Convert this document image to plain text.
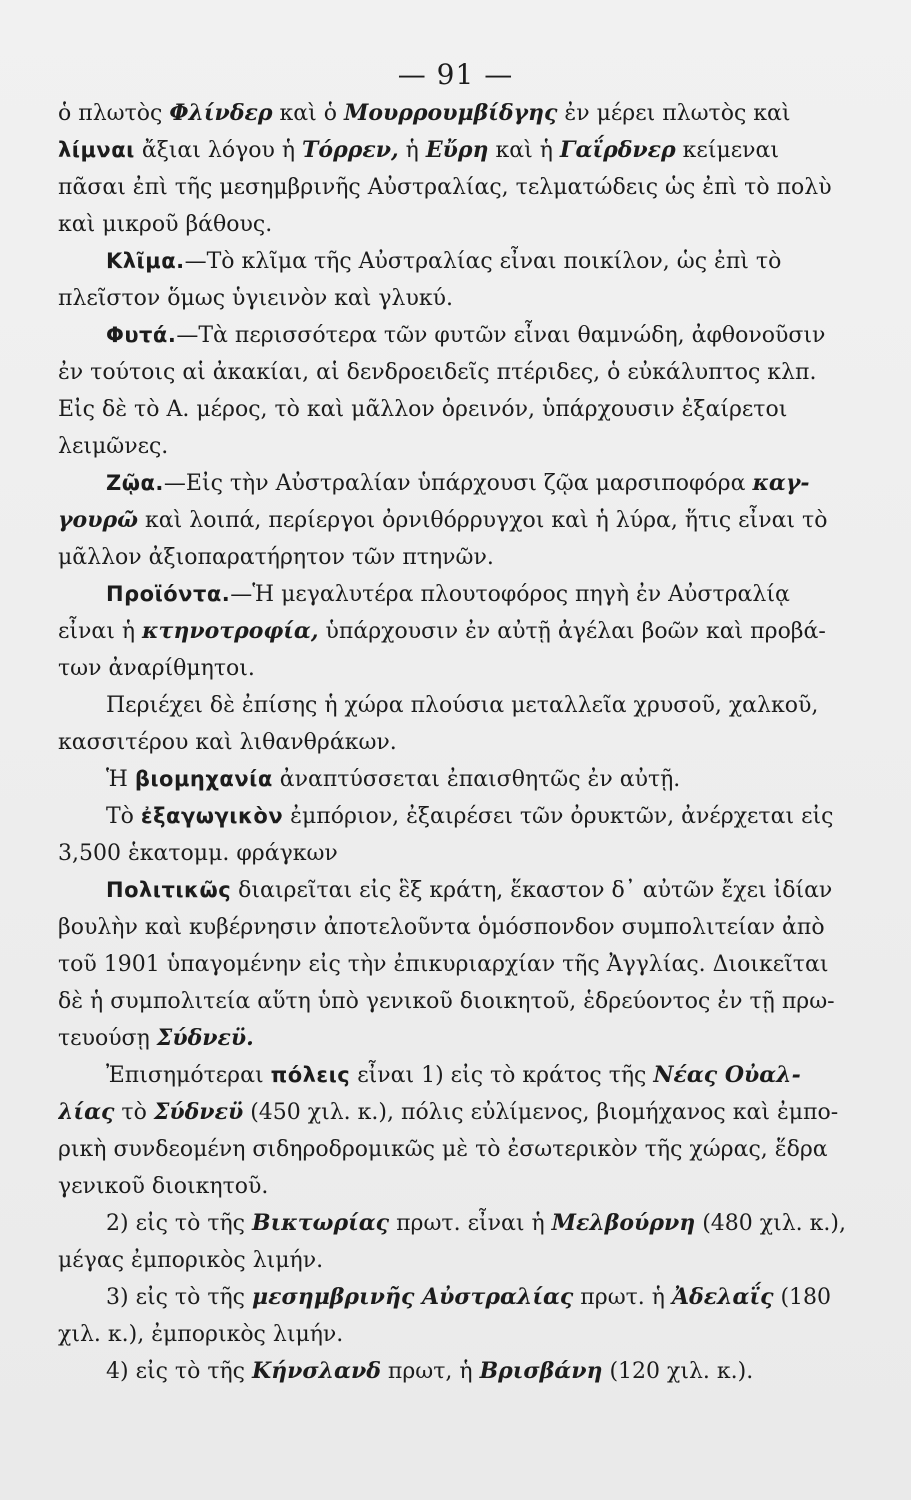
— 91 —
ὁ πλωτὸς Φλίνδερ καὶ ὁ Μουρρουμβίδγης ἐν μέρει πλωτὸς καὶ
λίμναι ἄξιαι λόγου ἡ Τόρρεν, ἡ Εὔρη καὶ ἡ Γαΐρδνερ κείμεναι
πᾶσαι ἐπὶ τῆς μεσημβρινῆς Αὐστραλίας, τελματώδεις ὡς ἐπὶ τὸ πολὺ
καὶ μικροῦ βάθους.
Κλῖμα.—Τὸ κλῖμα τῆς Αὐστραλίας εἶναι ποικίλον, ὡς ἐπὶ τὸ
πλεῖστον ὅμως ὑγιεινὸν καὶ γλυκύ.
Φυτά.—Τὰ περισσότερα τῶν φυτῶν εἶναι θαμνώδη, ἀφθονοῦσιν
ἐν τούτοις αἱ ἀκακίαι, αἱ δενδροειδεῖς πτέριδες, ὁ εὐκάλυπτος κλπ.
Εἰς δὲ τὸ Α. μέρος, τὸ καὶ μᾶλλον ὀρεινόν, ὑπάρχουσιν ἐξαίρετοι
λειμῶνες.
Ζῷα.—Εἰς τὴν Αὐστραλίαν ὑπάρχουσι ζῷα μαρσιποφόρα καγ-
γουρῶ καὶ λοιπά, περίεργοι ὀρνιθόρρυγχοι καὶ ἡ λύρα, ἥτις εἶναι τὸ
μᾶλλον ἀξιοπαρατήρητον τῶν πτηνῶν.
Προϊόντα.—Ἡ μεγαλυτέρα πλουτοφόρος πηγὴ ἐν Αὐστραλίᾳ
εἶναι ἡ κτηνοτροφία, ὑπάρχουσιν ἐν αὐτῇ ἀγέλαι βοῶν καὶ προβά-
των ἀναρίθμητοι.
Περιέχει δὲ ἐπίσης ἡ χώρα πλούσια μεταλλεῖα χρυσοῦ, χαλκοῦ,
κασσιτέρου καὶ λιθανθράκων.
Ἡ βιομηχανία ἀναπτύσσεται ἐπαισθητῶς ἐν αὐτῇ.
Τὸ ἐξαγωγικὸν ἐμπόριον, ἐξαιρέσει τῶν ὀρυκτῶν, ἀνέρχεται εἰς
3,500 ἑκατομμ. φράγκων
Πολιτικῶς διαιρεῖται εἰς ἓξ κράτη, ἕκαστον δ᾽ αὐτῶν ἔχει ἰδίαν
βουλὴν καὶ κυβέρνησιν ἀποτελοῦντα ὁμόσπονδον συμπολιτείαν ἀπὸ
τοῦ 1901 ὑπαγομένην εἰς τὴν ἐπικυριαρχίαν τῆς Ἀγγλίας. Διοικεῖται
δὲ ἡ συμπολιτεία αὕτη ὑπὸ γενικοῦ διοικητοῦ, ἑδρεύοντος ἐν τῇ πρω-
τευούσῃ Σύδνεϋ.
Ἐπισημότεραι πόλεις εἶναι 1) εἰς τὸ κράτος τῆς Νέας Οὐαλ-
λίας τὸ Σύδνεϋ (450 χιλ. κ.), πόλις εὐλίμενος, βιομήχανος καὶ ἐμπο-
ρικὴ συνδεομένη σιδηροδρομικῶς μὲ τὸ ἐσωτερικὸν τῆς χώρας, ἕδρα
γενικοῦ διοικητοῦ.
2) εἰς τὸ τῆς Βικτωρίας πρωτ. εἶναι ἡ Μελβούρνη (480 χιλ. κ.),
μέγας ἐμπορικὸς λιμήν.
3) εἰς τὸ τῆς μεσημβρινῆς Αὐστραλίας πρωτ. ἡ Ἀδελαΐς (180
χιλ. κ.), ἐμπορικὸς λιμήν.
4) εἰς τὸ τῆς Κήνσλανδ πρωτ, ἡ Βρισβάνη (120 χιλ. κ.).
